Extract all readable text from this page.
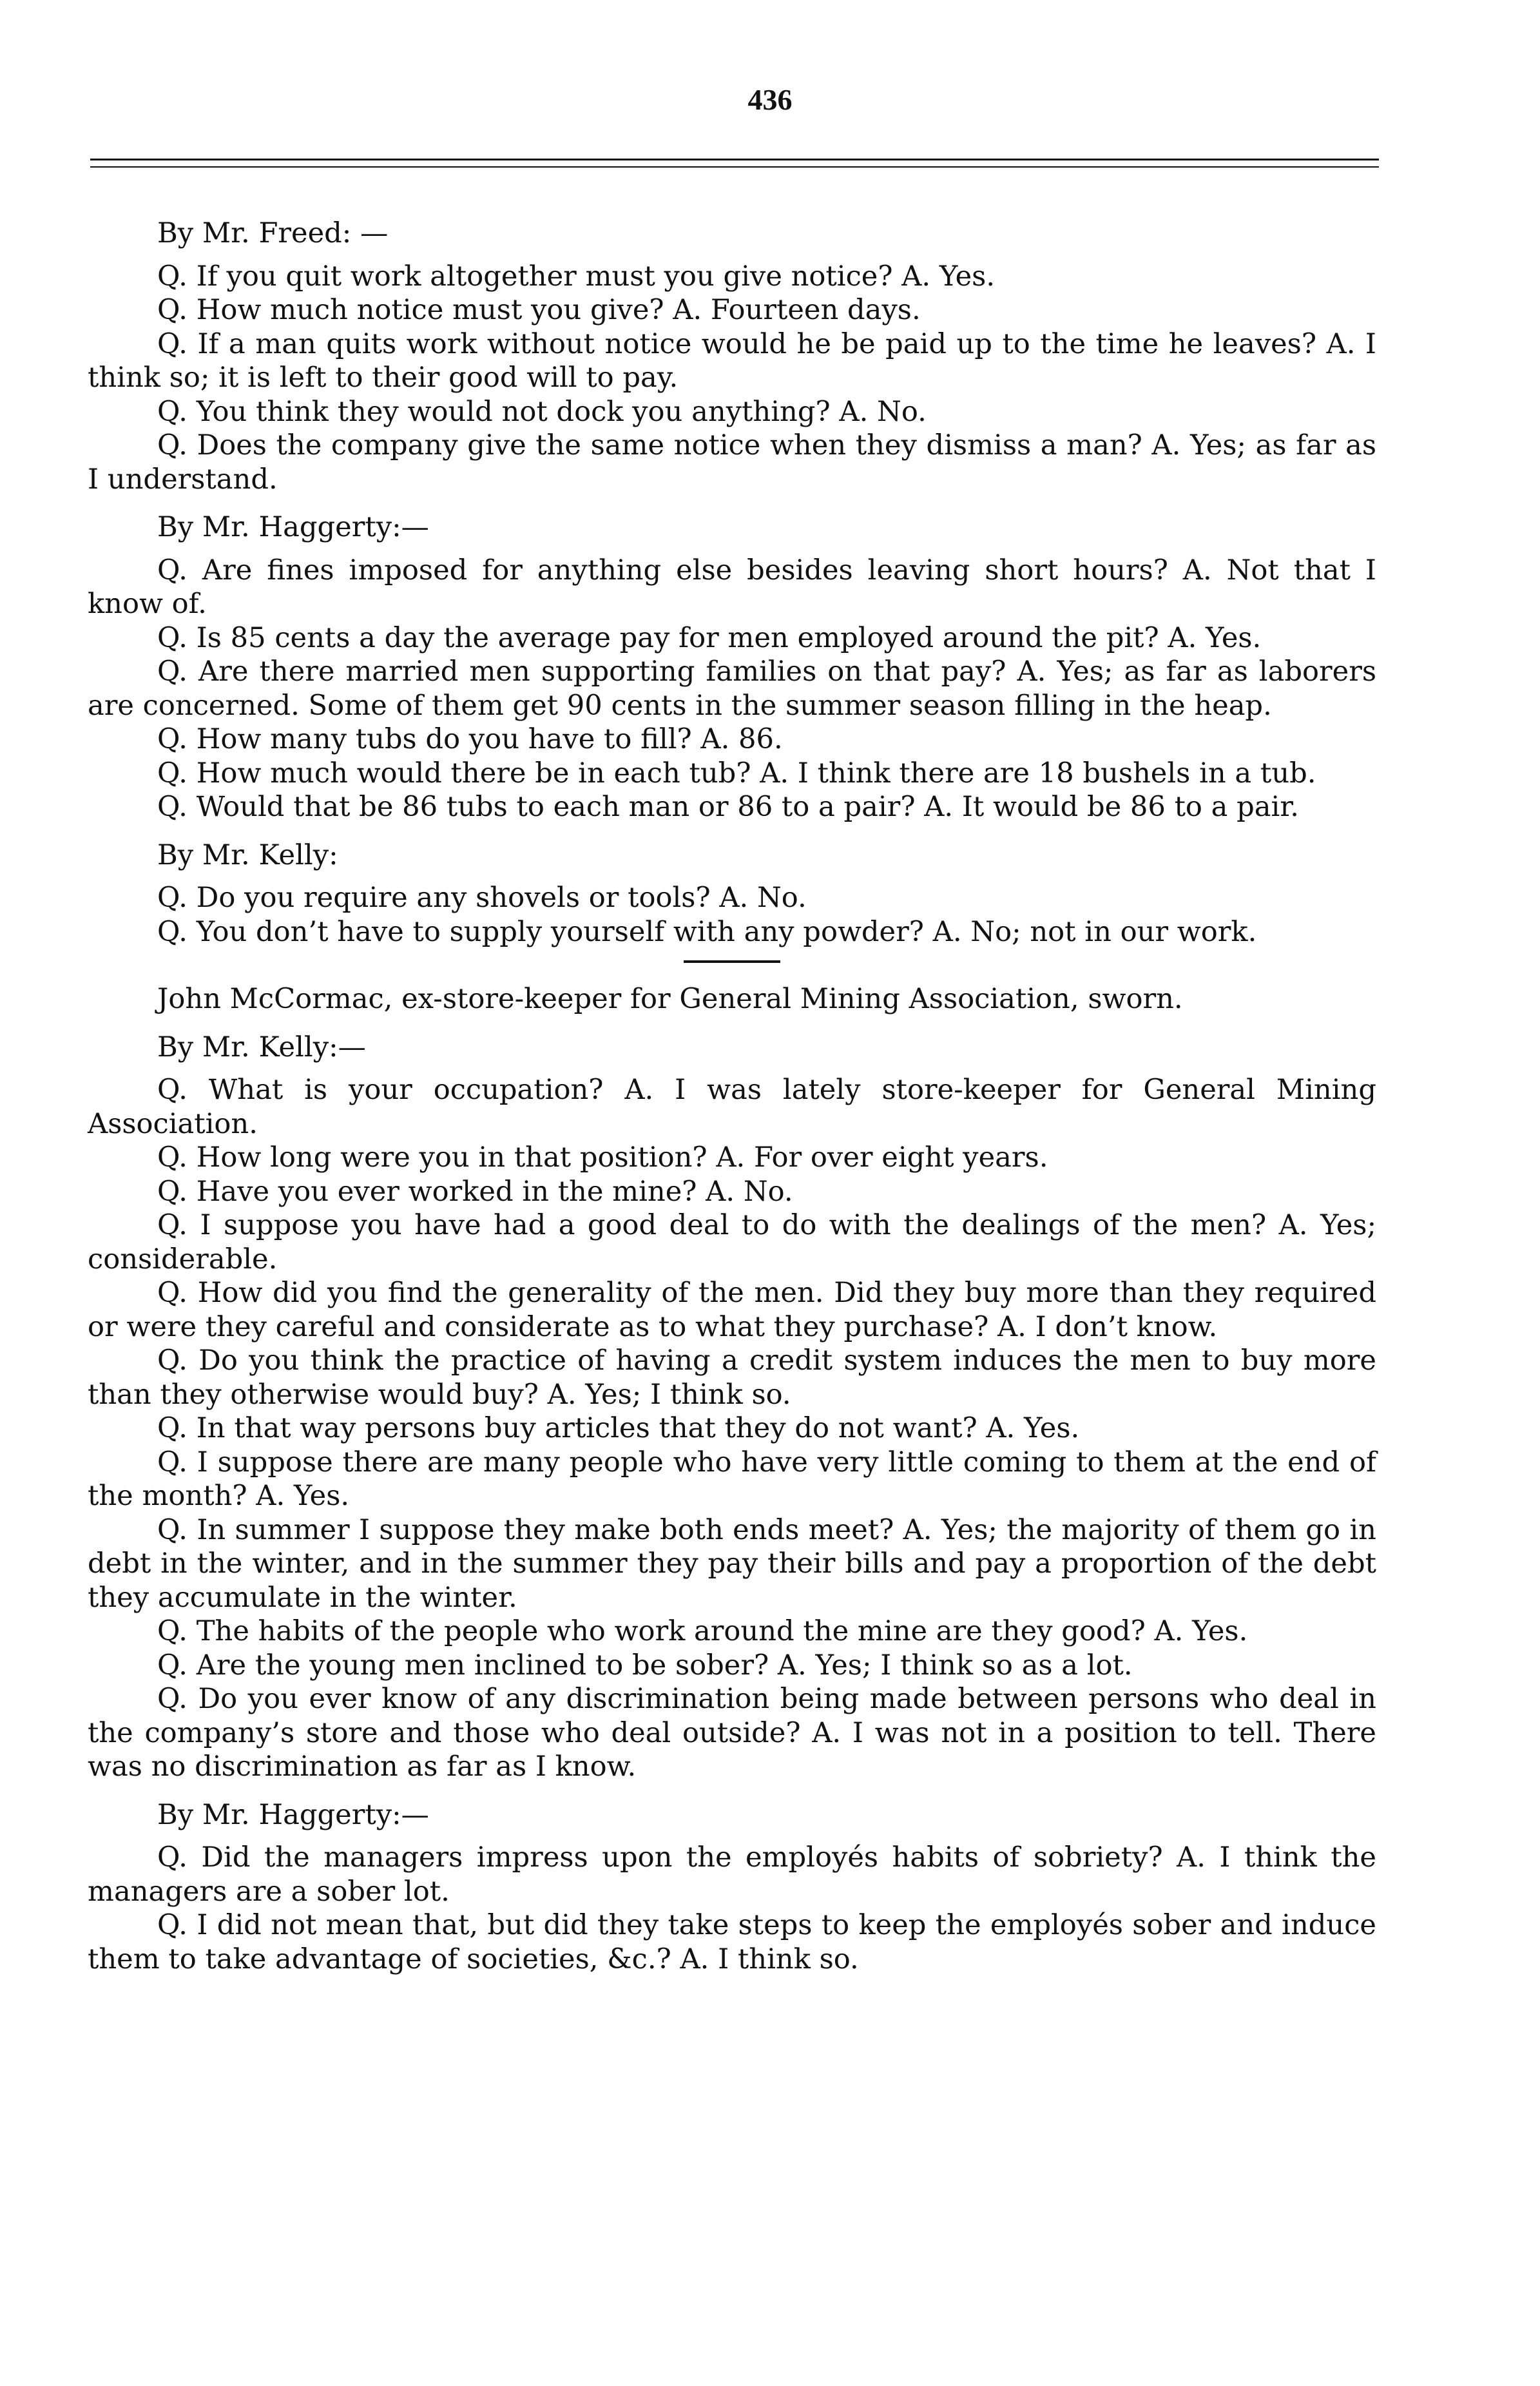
436

By Mr. Freed: —

Q. If you quit work altogether must you give notice? A. Yes.

Q. How much notice must you give? A. Fourteen days.

Q. If a man quits work without notice would he be paid up to the time he leaves? A. I think so; it is left to their good will to pay.

Q. You think they would not dock you anything? A. No.

Q. Does the company give the same notice when they dismiss a man? A. Yes; as far as I understand.

By Mr. Haggerty:—

Q. Are fines imposed for anything else besides leaving short hours? A. Not that I know of.

Q. Is 85 cents a day the average pay for men employed around the pit? A. Yes.

Q. Are there married men supporting families on that pay? A. Yes; as far as laborers are concerned. Some of them get 90 cents in the summer season filling in the heap.

Q. How many tubs do you have to fill? A. 86.

Q. How much would there be in each tub? A. I think there are 18 bushels in a tub.

Q. Would that be 86 tubs to each man or 86 to a pair? A. It would be 86 to a pair.

By Mr. Kelly:

Q. Do you require any shovels or tools? A. No.

Q. You don’t have to supply yourself with any powder? A. No; not in our work.

John McCormac, ex-store-keeper for General Mining Association, sworn.

By Mr. Kelly:—

Q. What is your occupation? A. I was lately store-keeper for General Mining Association.

Q. How long were you in that position? A. For over eight years.

Q. Have you ever worked in the mine? A. No.

Q. I suppose you have had a good deal to do with the dealings of the men? A. Yes; considerable.

Q. How did you find the generality of the men. Did they buy more than they required or were they careful and considerate as to what they purchase? A. I don’t know.

Q. Do you think the practice of having a credit system induces the men to buy more than they otherwise would buy? A. Yes; I think so.

Q. In that way persons buy articles that they do not want? A. Yes.

Q. I suppose there are many people who have very little coming to them at the end of the month? A. Yes.

Q. In summer I suppose they make both ends meet? A. Yes; the majority of them go in debt in the winter, and in the summer they pay their bills and pay a proportion of the debt they accumulate in the winter.

Q. The habits of the people who work around the mine are they good? A. Yes.

Q. Are the young men inclined to be sober? A. Yes; I think so as a lot.

Q. Do you ever know of any discrimination being made between persons who deal in the company’s store and those who deal outside? A. I was not in a position to tell. There was no discrimination as far as I know.

By Mr. Haggerty:—

Q. Did the managers impress upon the employés habits of sobriety? A. I think the managers are a sober lot.

Q. I did not mean that, but did they take steps to keep the employés sober and induce them to take advantage of societies, &c.? A. I think so.
